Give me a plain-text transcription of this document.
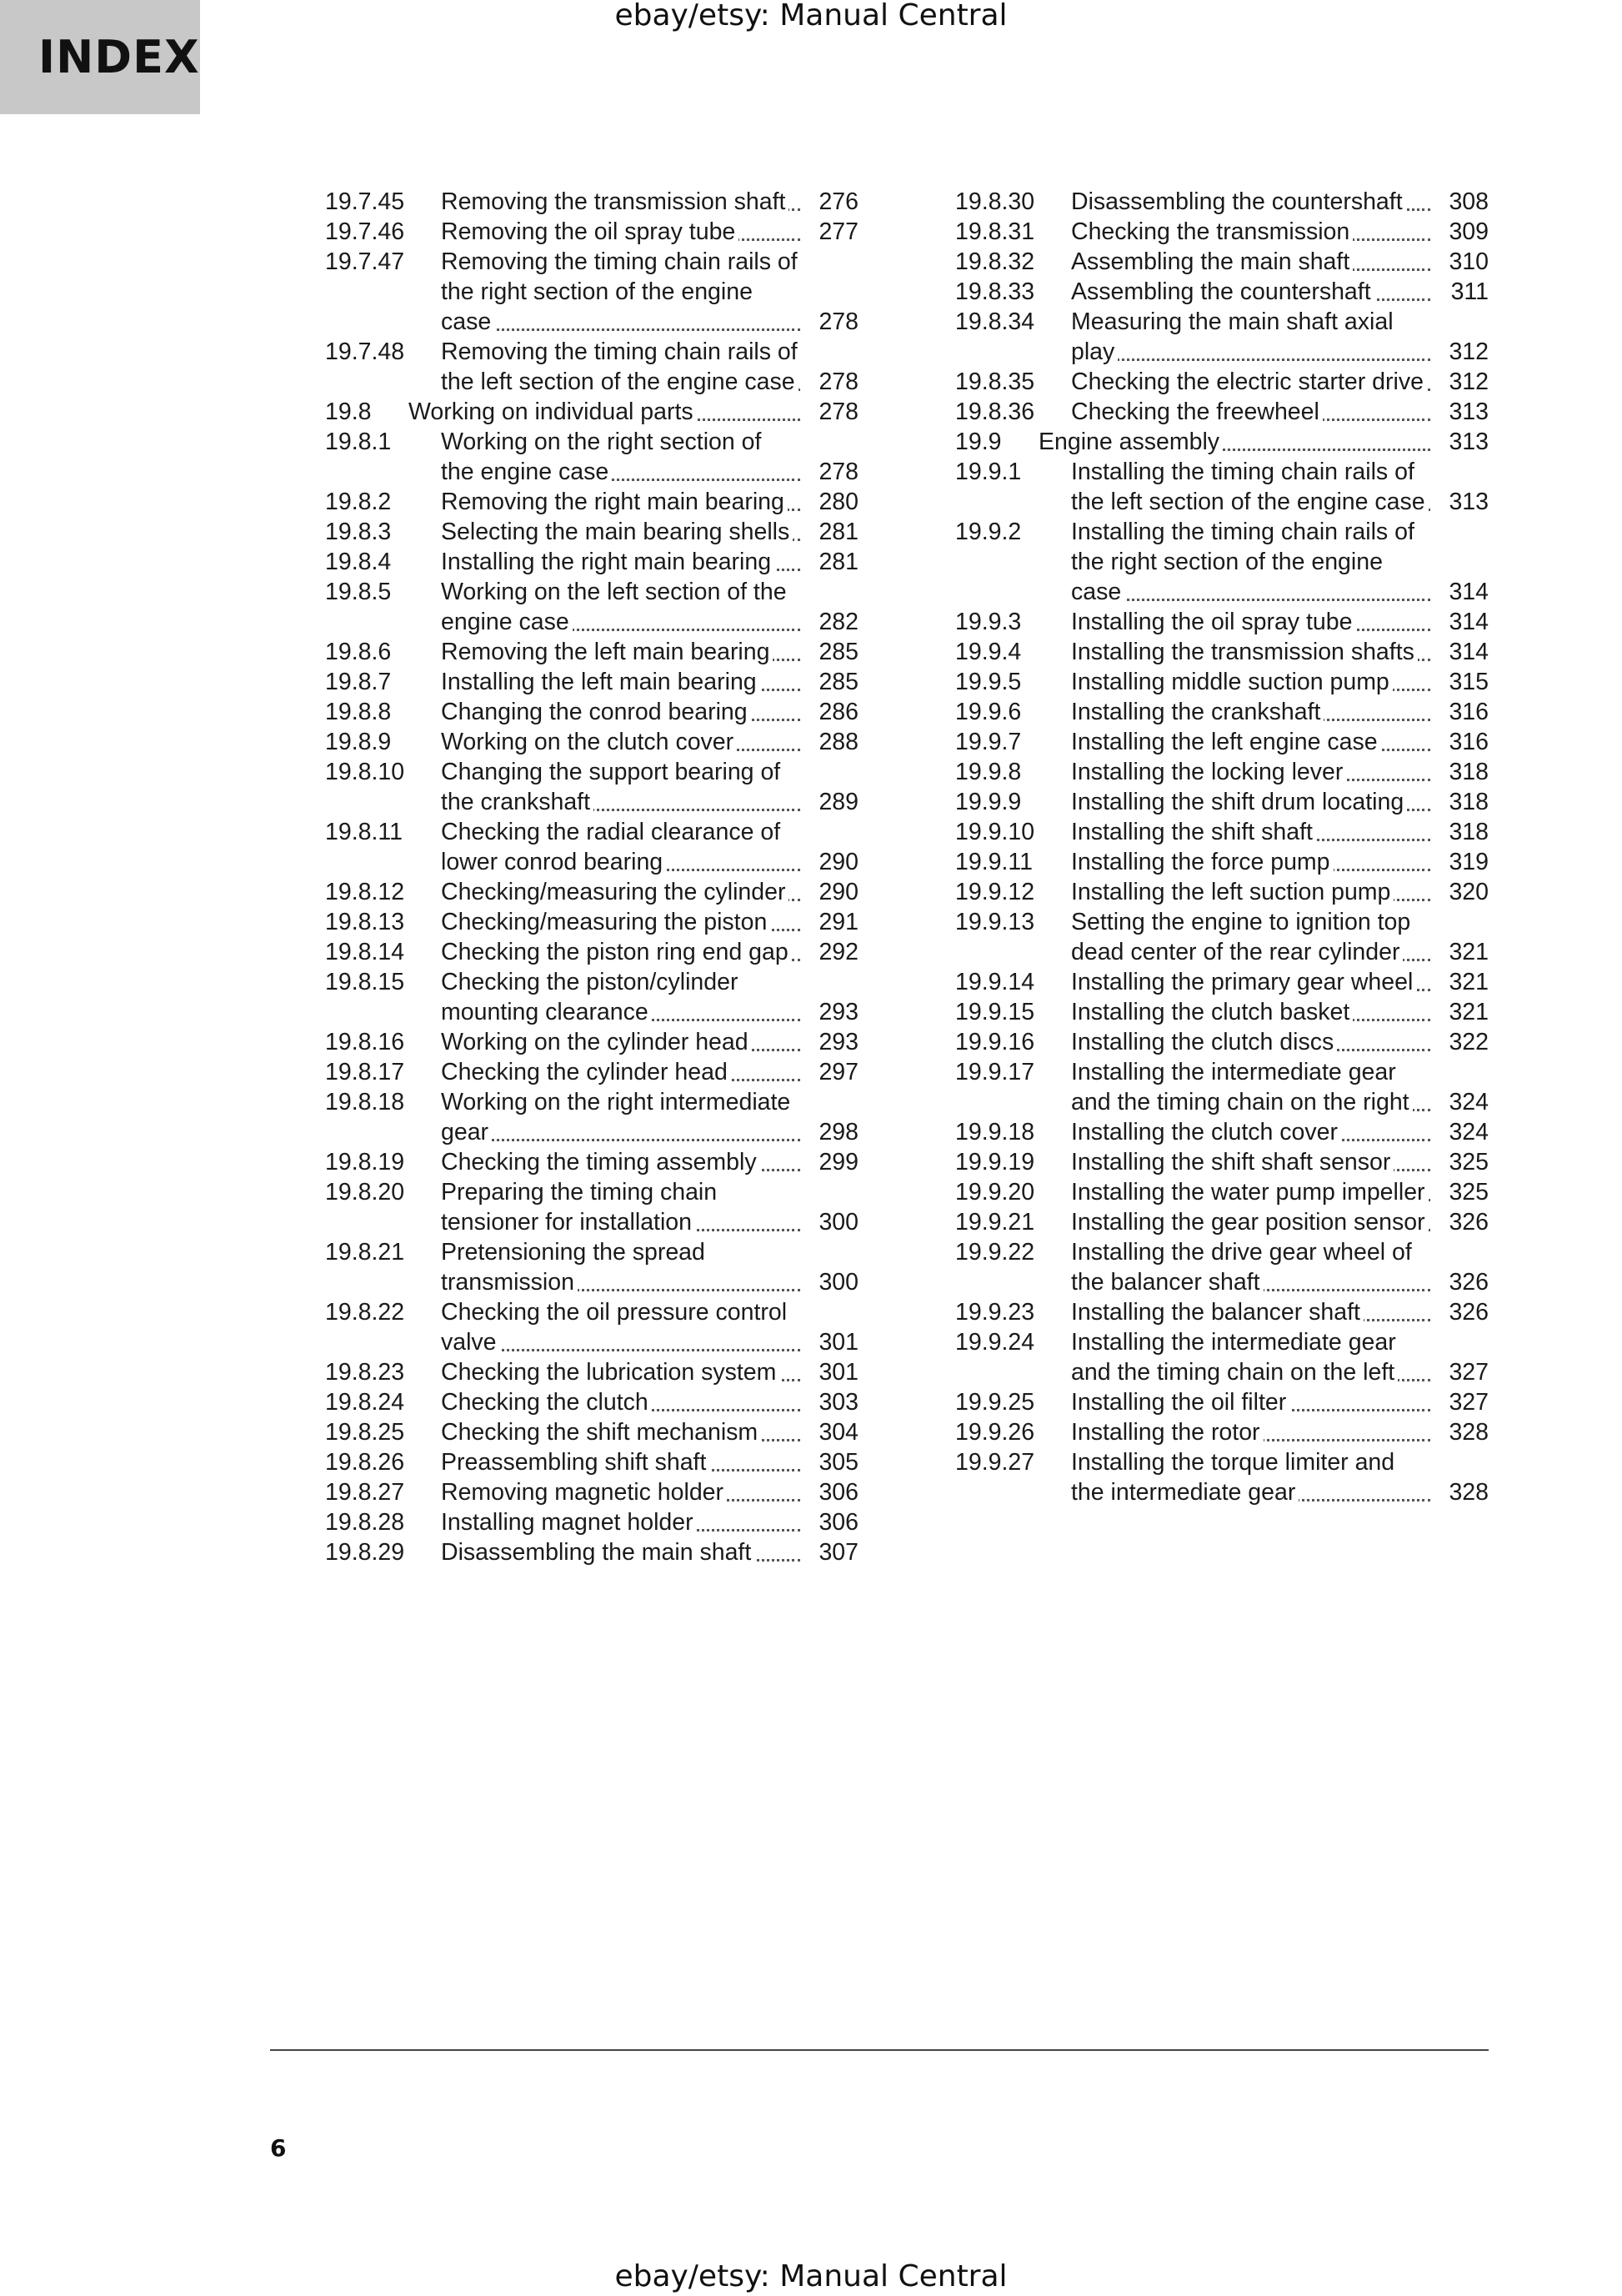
INDEX
ebay/etsy: Manual Central
19.7.45	Removing the transmission shaft	276
19.7.46	Removing the oil spray tube	277
19.7.47	Removing the timing chain rails of the right section of the engine case	278
19.7.48	Removing the timing chain rails of the left section of the engine case 278
19.8	Working on individual parts	278
19.8.1	Working on the right section of the engine case	278
19.8.2	Removing the right main bearing	280
19.8.3	Selecting the main bearing shells	281
19.8.4	Installing the right main bearing	281
19.8.5	Working on the left section of the engine case	282
19.8.6	Removing the left main bearing	285
19.8.7	Installing the left main bearing	285
19.8.8	Changing the conrod bearing	286
19.8.9	Working on the clutch cover	288
19.8.10	Changing the support bearing of the crankshaft	289
19.8.11	Checking the radial clearance of lower conrod bearing	290
19.8.12	Checking/measuring the cylinder	290
19.8.13	Checking/measuring the piston	291
19.8.14	Checking the piston ring end gap	292
19.8.15	Checking the piston/cylinder mounting clearance	293
19.8.16	Working on the cylinder head	293
19.8.17	Checking the cylinder head	297
19.8.18	Working on the right intermediate gear	298
19.8.19	Checking the timing assembly	299
19.8.20	Preparing the timing chain tensioner for installation	300
19.8.21	Pretensioning the spread transmission	300
19.8.22	Checking the oil pressure control valve	301
19.8.23	Checking the lubrication system	301
19.8.24	Checking the clutch	303
19.8.25	Checking the shift mechanism	304
19.8.26	Preassembling shift shaft	305
19.8.27	Removing magnetic holder	306
19.8.28	Installing magnet holder	306
19.8.29	Disassembling the main shaft	307
19.8.30	Disassembling the countershaft	308
19.8.31	Checking the transmission	309
19.8.32	Assembling the main shaft	310
19.8.33	Assembling the countershaft	311
19.8.34	Measuring the main shaft axial play	312
19.8.35	Checking the electric starter drive 312
19.8.36	Checking the freewheel	313
19.9	Engine assembly	313
19.9.1	Installing the timing chain rails of the left section of the engine case 313
19.9.2	Installing the timing chain rails of the right section of the engine case	314
19.9.3	Installing the oil spray tube	314
19.9.4	Installing the transmission shafts	314
19.9.5	Installing middle suction pump	315
19.9.6	Installing the crankshaft	316
19.9.7	Installing the left engine case	316
19.9.8	Installing the locking lever	318
19.9.9	Installing the shift drum locating	318
19.9.10	Installing the shift shaft	318
19.9.11	Installing the force pump	319
19.9.12	Installing the left suction pump	320
19.9.13	Setting the engine to ignition top dead center of the rear cylinder	321
19.9.14	Installing the primary gear wheel	321
19.9.15	Installing the clutch basket	321
19.9.16	Installing the clutch discs	322
19.9.17	Installing the intermediate gear and the timing chain on the right	324
19.9.18	Installing the clutch cover	324
19.9.19	Installing the shift shaft sensor	325
19.9.20	Installing the water pump impeller 325
19.9.21	Installing the gear position sensor 326
19.9.22	Installing the drive gear wheel of the balancer shaft	326
19.9.23	Installing the balancer shaft	326
19.9.24	Installing the intermediate gear and the timing chain on the left	327
19.9.25	Installing the oil filter	327
19.9.26	Installing the rotor	328
19.9.27	Installing the torque limiter and the intermediate gear	328
6
ebay/etsy: Manual Central
